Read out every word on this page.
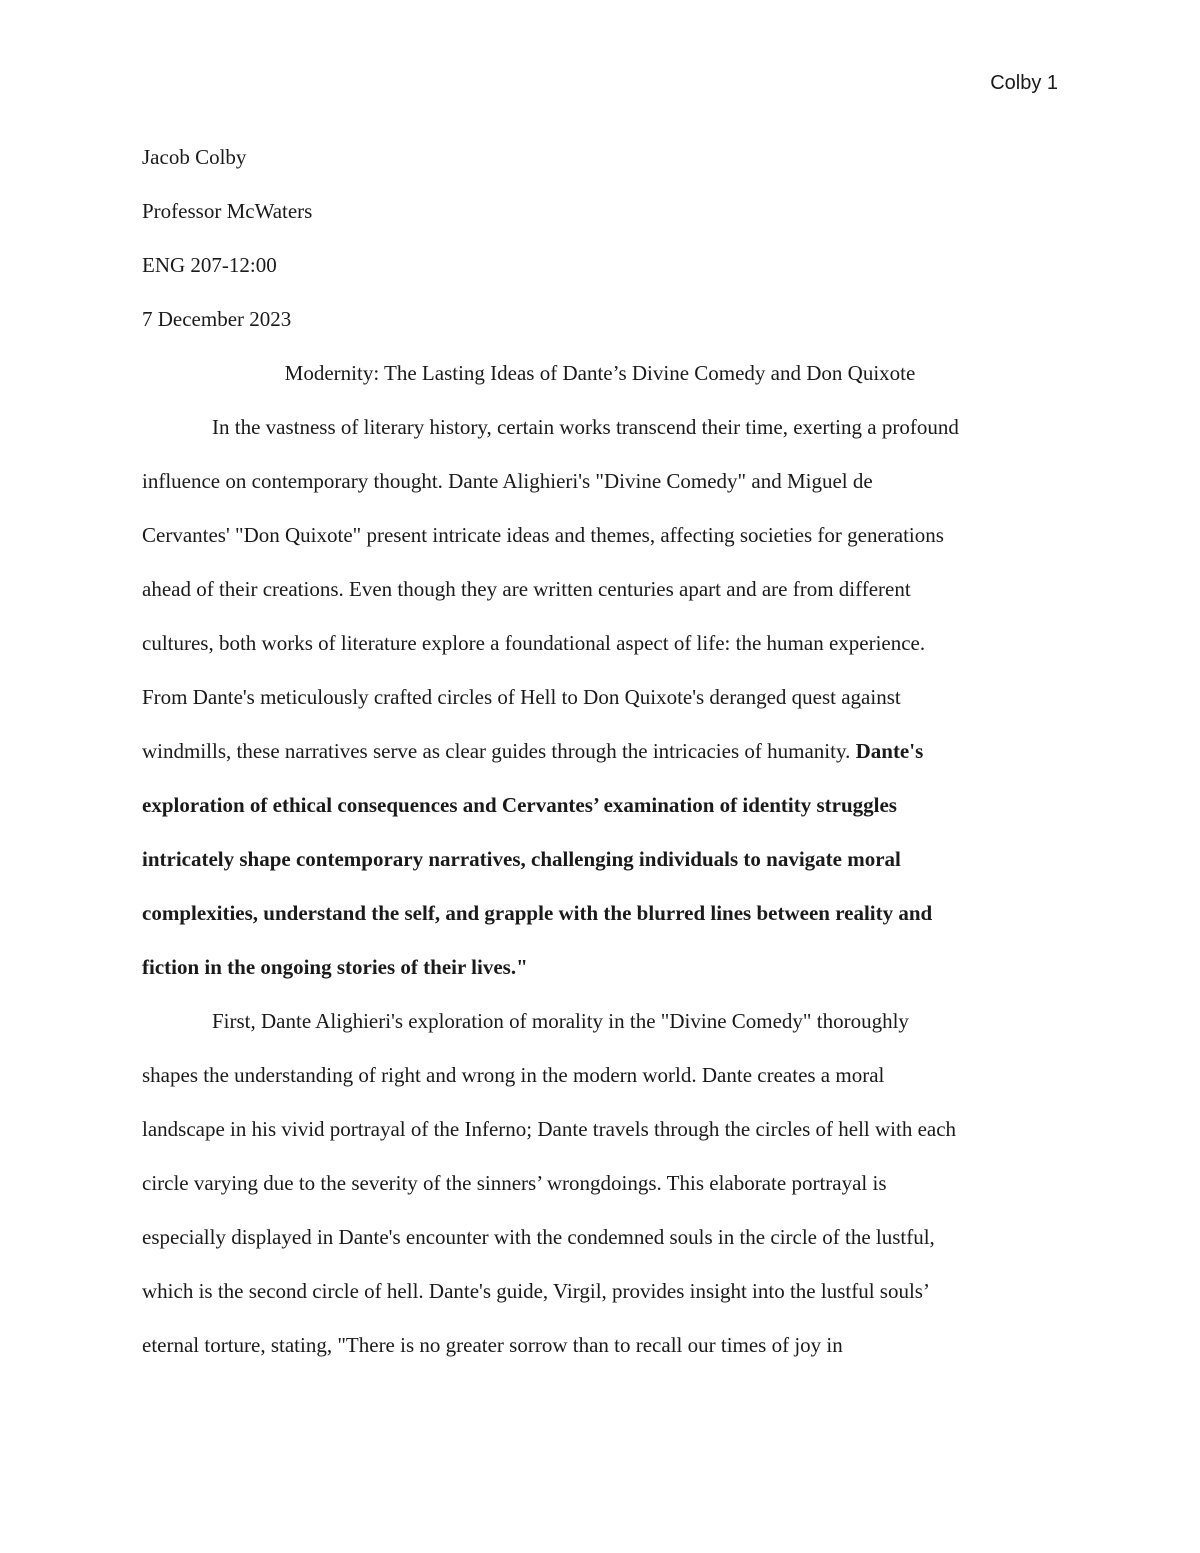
Colby 1
Jacob Colby
Professor McWaters
ENG 207-12:00
7 December 2023
Modernity: The Lasting Ideas of Dante’s Divine Comedy and Don Quixote
In the vastness of literary history, certain works transcend their time, exerting a profound
influence on contemporary thought. Dante Alighieri's "Divine Comedy" and Miguel de
Cervantes' "Don Quixote" present intricate ideas and themes, affecting societies for generations
ahead of their creations. Even though they are written centuries apart and are from different
cultures, both works of literature explore a foundational aspect of life: the human experience.
From Dante's meticulously crafted circles of Hell to Don Quixote's deranged quest against
windmills, these narratives serve as clear guides through the intricacies of humanity. Dante's
exploration of ethical consequences and Cervantes’ examination of identity struggles
intricately shape contemporary narratives, challenging individuals to navigate moral
complexities, understand the self, and grapple with the blurred lines between reality and
fiction in the ongoing stories of their lives."
First, Dante Alighieri's exploration of morality in the "Divine Comedy" thoroughly
shapes the understanding of right and wrong in the modern world. Dante creates a moral
landscape in his vivid portrayal of the Inferno; Dante travels through the circles of hell with each
circle varying due to the severity of the sinners’ wrongdoings. This elaborate portrayal is
especially displayed in Dante's encounter with the condemned souls in the circle of the lustful,
which is the second circle of hell. Dante's guide, Virgil, provides insight into the lustful souls’
eternal torture, stating, "There is no greater sorrow than to recall our times of joy in
